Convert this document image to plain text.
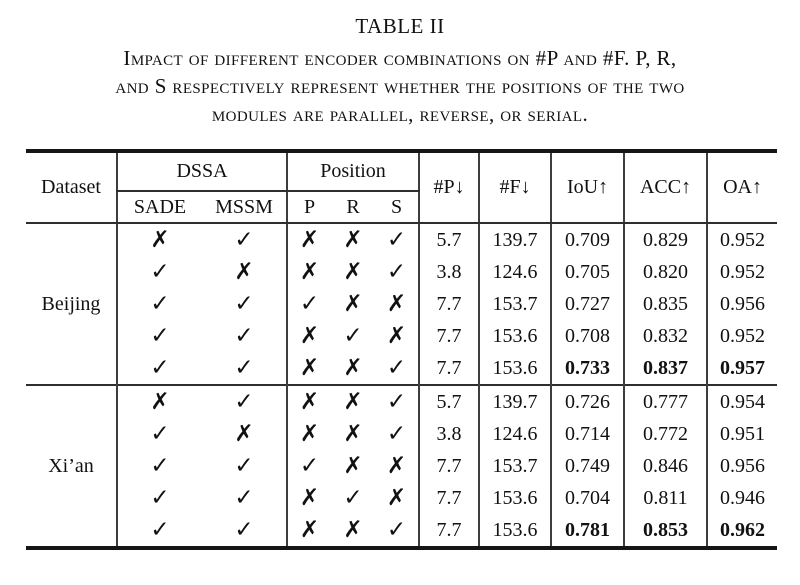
TABLE II
Impact of different encoder combinations on #P and #F. P, R,
and S respectively represent whether the positions of the two
modules are parallel, reverse, or serial.
Dataset	DSSA		Position			#P↓	#F↓	IoU↑	ACC↑	OA↑
	SADE	MSSM	P	R	S					
Beijing	✗	✓	✗	✗	✓	5.7	139.7	0.709	0.829	0.952
	✓	✗	✗	✗	✓	3.8	124.6	0.705	0.820	0.952
	✓	✓	✓	✗	✗	7.7	153.7	0.727	0.835	0.956
	✓	✓	✗	✓	✗	7.7	153.6	0.708	0.832	0.952
	✓	✓	✗	✗	✓	7.7	153.6	0.733	0.837	0.957
Xi’an	✗	✓	✗	✗	✓	5.7	139.7	0.726	0.777	0.954
	✓	✗	✗	✗	✓	3.8	124.6	0.714	0.772	0.951
	✓	✓	✓	✗	✗	7.7	153.7	0.749	0.846	0.956
	✓	✓	✗	✓	✗	7.7	153.6	0.704	0.811	0.946
	✓	✓	✗	✗	✓	7.7	153.6	0.781	0.853	0.962
